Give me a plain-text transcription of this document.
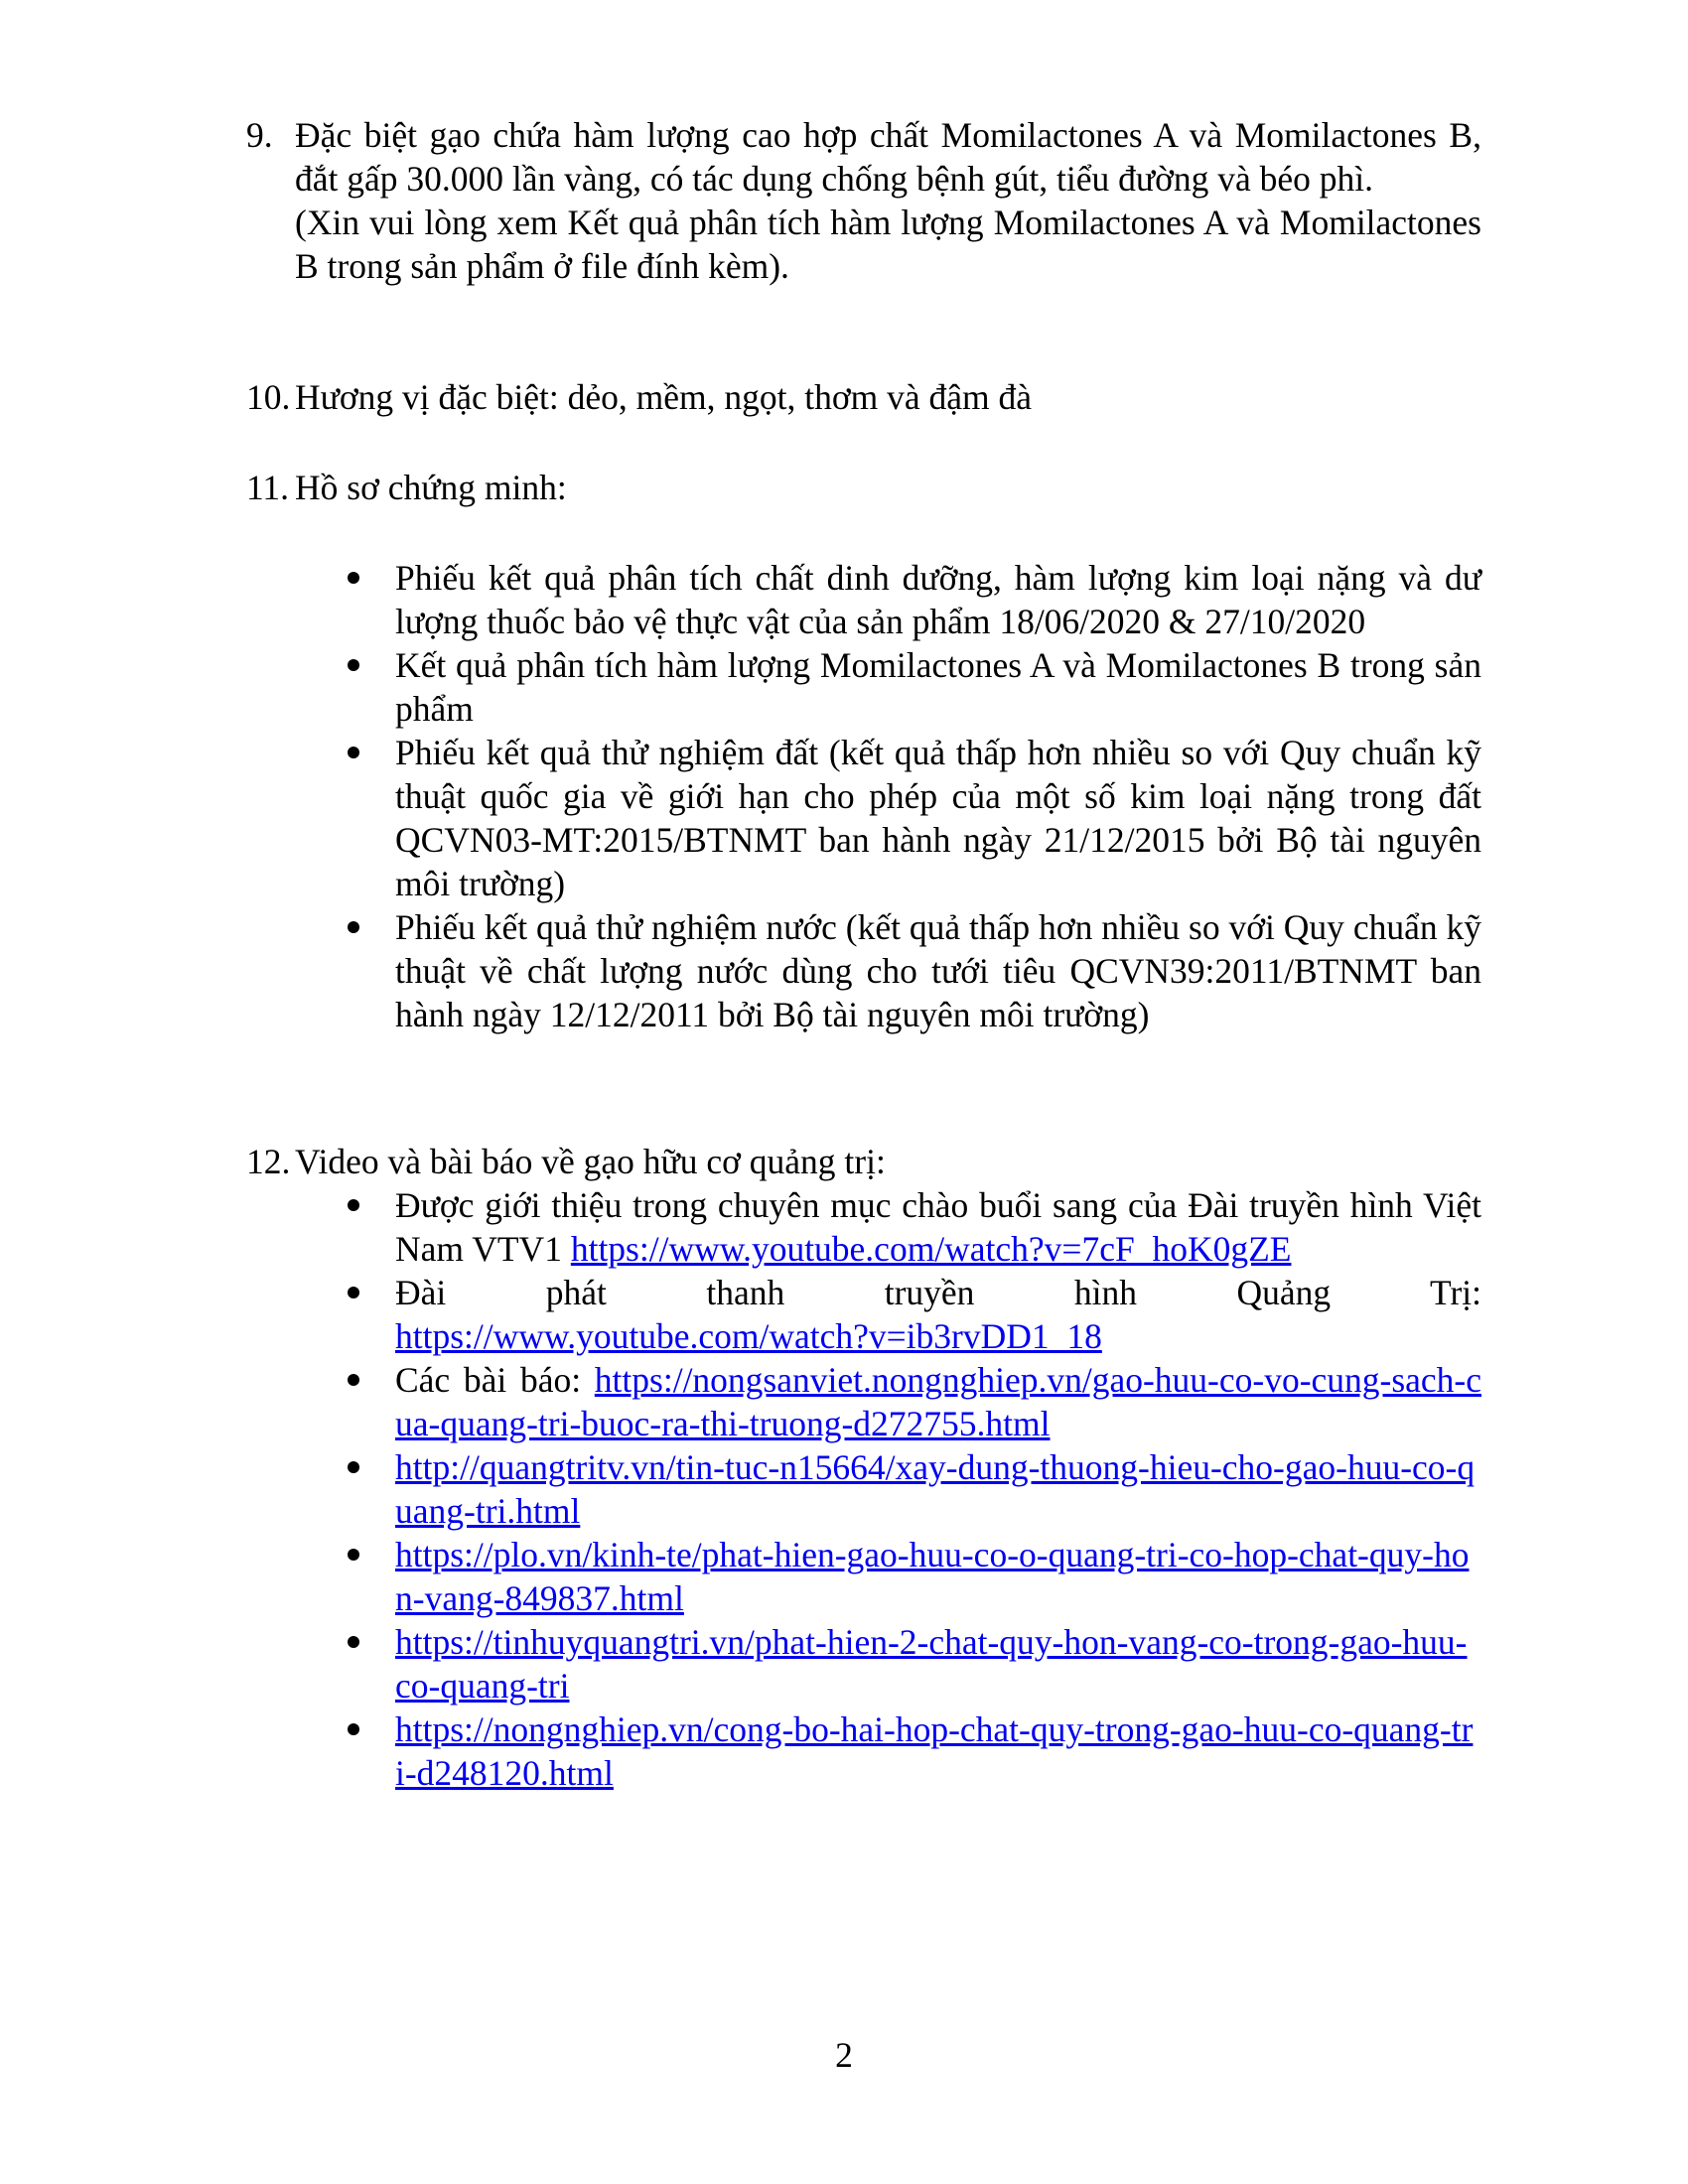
9. Đặc biệt gạo chứa hàm lượng cao hợp chất Momilactones A và Momilactones B, đắt gấp 30.000 lần vàng, có tác dụng chống bệnh gút, tiểu đường và béo phì.

(Xin vui lòng xem Kết quả phân tích hàm lượng Momilactones A và Momilactones B trong sản phẩm ở file đính kèm).

10. Hương vị đặc biệt: dẻo, mềm, ngọt, thơm và đậm đà

11. Hồ sơ chứng minh:

Phiếu kết quả phân tích chất dinh dưỡng, hàm lượng kim loại nặng và dư lượng thuốc bảo vệ thực vật của sản phẩm 18/06/2020 & 27/10/2020
Kết quả phân tích hàm lượng Momilactones A và Momilactones B trong sản phẩm
Phiếu kết quả thử nghiệm đất (kết quả thấp hơn nhiều so với Quy chuẩn kỹ thuật quốc gia về giới hạn cho phép của một số kim loại nặng trong đất QCVN03-MT:2015/BTNMT ban hành ngày 21/12/2015 bởi Bộ tài nguyên môi trường)
Phiếu kết quả thử nghiệm nước (kết quả thấp hơn nhiều so với Quy chuẩn kỹ thuật về chất lượng nước dùng cho tưới tiêu QCVN39:2011/BTNMT ban hành ngày 12/12/2011 bởi Bộ tài nguyên môi trường)
12. Video và bài báo về gạo hữu cơ quảng trị:

Được giới thiệu trong chuyên mục chào buổi sang của Đài truyền hình Việt Nam VTV1 https://www.youtube.com/watch?v=7cF_hoK0gZE
Đài phát thanh truyền hình Quảng Trị:
https://www.youtube.com/watch?v=ib3rvDD1_18
Các bài báo: https://nongsanviet.nongnghiep.vn/gao-huu-co-vo-cung-sach-cua-quang-tri-buoc-ra-thi-truong-d272755.html
http://quangtritv.vn/tin-tuc-n15664/xay-dung-thuong-hieu-cho-gao-huu-co-quang-tri.html
https://plo.vn/kinh-te/phat-hien-gao-huu-co-o-quang-tri-co-hop-chat-quy-hon-vang-849837.html
https://tinhuyquangtri.vn/phat-hien-2-chat-quy-hon-vang-co-trong-gao-huu-co-quang-tri
https://nongnghiep.vn/cong-bo-hai-hop-chat-quy-trong-gao-huu-co-quang-tri-d248120.html
2
